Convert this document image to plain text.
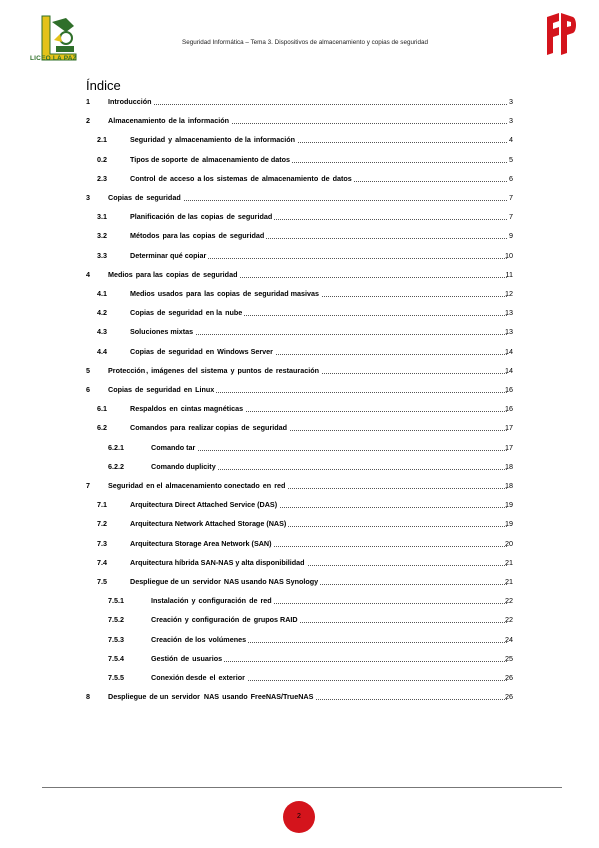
LICEO LA PAZ
Seguridad Informática – Tema 3. Dispositivos de almacenamiento y copias de seguridad
Índice
1	Introducción	3
2	Almacenamiento de la información	3
2.1	Seguridad y almacenamiento de la información	4
0.2	Tipos de soporte de almacenamiento de datos	5
2.3	Control de acceso a los sistemas de almacenamiento de datos	6
3	Copias de seguridad	7
3.1	Planificación de las copias de seguridad	7
3.2	Métodos para las copias de seguridad	9
3.3	Determinar qué copiar	10
4	Medios para las copias de seguridad	11
4.1	Medios usados para las copias de seguridad masivas	12
4.2	Copias de seguridad en la nube	13
4.3	Soluciones mixtas	13
4.4	Copias de seguridad en Windows Server	14
5	Protección, imágenes del sistema y puntos de restauración	14
6	Copias de seguridad en Linux	16
6.1	Respaldos en cintas magnéticas	16
6.2	Comandos para realizar copias de seguridad	17
6.2.1	Comando tar	17
6.2.2	Comando duplicity	18
7	Seguridad en el almacenamiento conectado en red	18
7.1	Arquitectura Direct Attached Service (DAS)	19
7.2	Arquitectura Network Attached Storage (NAS)	19
7.3	Arquitectura Storage Area Network (SAN)	20
7.4	Arquitectura híbrida SAN-NAS y alta disponibilidad	21
7.5	Despliegue de un servidor NAS usando NAS Synology	21
7.5.1	Instalación y configuración de red	22
7.5.2	Creación y configuración de grupos RAID	22
7.5.3	Creación de los volúmenes	24
7.5.4	Gestión de usuarios	25
7.5.5	Conexión desde el exterior	26
8	Despliegue de un servidor NAS usando FreeNAS/TrueNAS	26
2
